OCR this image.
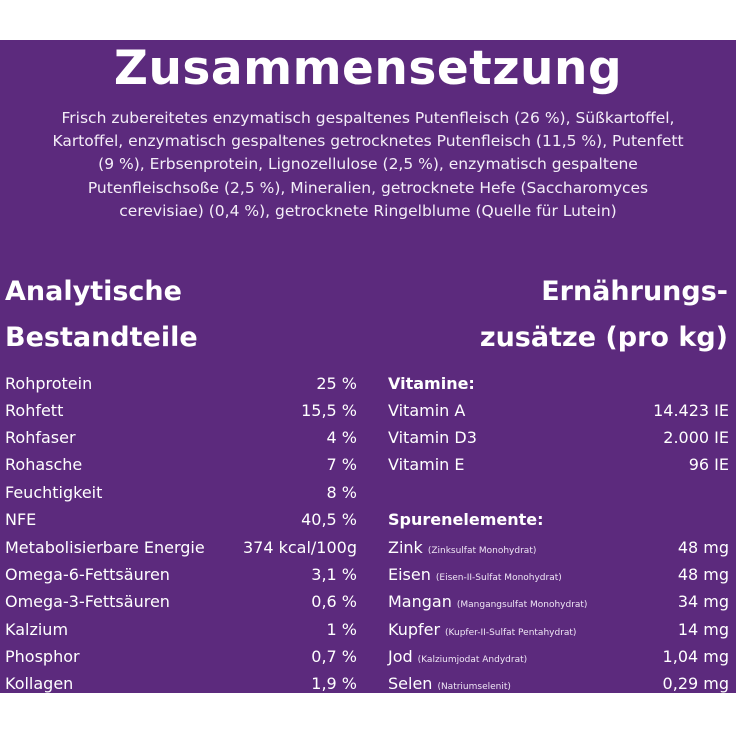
Zusammensetzung
Frisch zubereitetes enzymatisch gespaltenes Putenfleisch (26 %), Süßkartoffel,
Kartoffel, enzymatisch gespaltenes getrocknetes Putenfleisch (11,5 %), Putenfett
(9 %), Erbsenprotein, Lignozellulose (2,5 %), enzymatisch gespaltene
Putenfleischsoße (2,5 %), Mineralien, getrocknete Hefe (Saccharomyces
cerevisiae) (0,4 %), getrocknete Ringelblume (Quelle für Lutein)
Analytische
Bestandteile
Ernährungs-
zusätze (pro kg)
Rohprotein	25 %
Rohfett	15,5 %
Rohfaser	4 %
Rohasche	7 %
Feuchtigkeit	8 %
NFE	40,5 %
Metabolisierbare Energie 374 kcal/100g
Omega-6-Fettsäuren	3,1 %
Omega-3-Fettsäuren	0,6 %
Kalzium	1 %
Phosphor	0,7 %
Kollagen	1,9 %
Vitamine:
Vitamin A	14.423 IE
Vitamin D3	2.000 IE
Vitamin E	96 IE
Spurenelemente:
Zink (Zinksulfat Monohydrat)	48 mg
Eisen (Eisen-II-Sulfat Monohydrat)	48 mg
Mangan (Mangangsulfat Monohydrat)	34 mg
Kupfer (Kupfer-II-Sulfat Pentahydrat)	14 mg
Jod (Kalziumjodat Andydrat)	1,04 mg
Selen (Natriumselenit)	0,29 mg
